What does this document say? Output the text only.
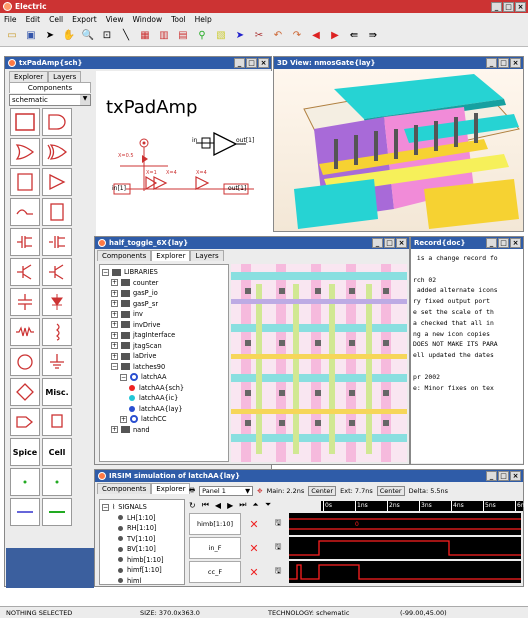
Electric	_ □ ×
File Edit Cell Export View Window Tool Help
▭ ▣ ➤ ✋ 🔍 ⊡	╲	▦ ▥ ▤	⚲	▧ ➤ ✂ ↶ ↷	◀	▶	⇚ ⇛
txPadAmp{sch}	_ □ ×
Explorer	Layers
Components
schematic	▼
Misc.
Spice	Cell
txPadAmp
in	out[1]
in[1]
X=0.5
X=1 X=4	X=4
out[1]
3D View: nmosGate{lay}	_ □ ×
half_toggle_6X{lay}	_ □ ×
Components	Explorer	Layers
− LIBRARIES
+ counter
+ gasP_io
+ gasP_sr
+ inv
+ invDrive
+ jtagInterface
+ jtagScan
+ laDrive
− latches90
− latchAA
latchAA{sch}
latchAA{ic}
latchAA{lay}
+ latchCC
+ nand
Record{doc}	_ □ ×
is a change record fo
rch 02
added alternate icons
ry fixed output port
e set the scale of th
a checked that all in
ng a new icon copies
DOES NOT MAKE ITS PARA
ell updated the dates
pr 2002
e: Minor fixes on tex
IRSIM simulation of latchAA{lay}	_ □ ×
Components	Explorer
− ⌇ SIGNALS
LH[1:10]
RH[1:10]
TV[1:10]
BV[1:10]
himb[1:10]
himf[1:10]
himl
🖶 Panel 1	▼ ✥ Main: 2.2ns	Center	Ext: 7.7ns	Center	Delta: 5.5ns
↻ ⏮ ◀ ▶ ⏭ ⏶ ⏷	0s	1ns	2ns	3ns	4ns	5ns	6ns
himb[1:10]	✕	🖫	0
in_F	✕	🖫
cc_F	✕	🖫
NOTHING SELECTED	SIZE: 370.0x363.0	TECHNOLOGY: schematic	(-99.00,45.00)
